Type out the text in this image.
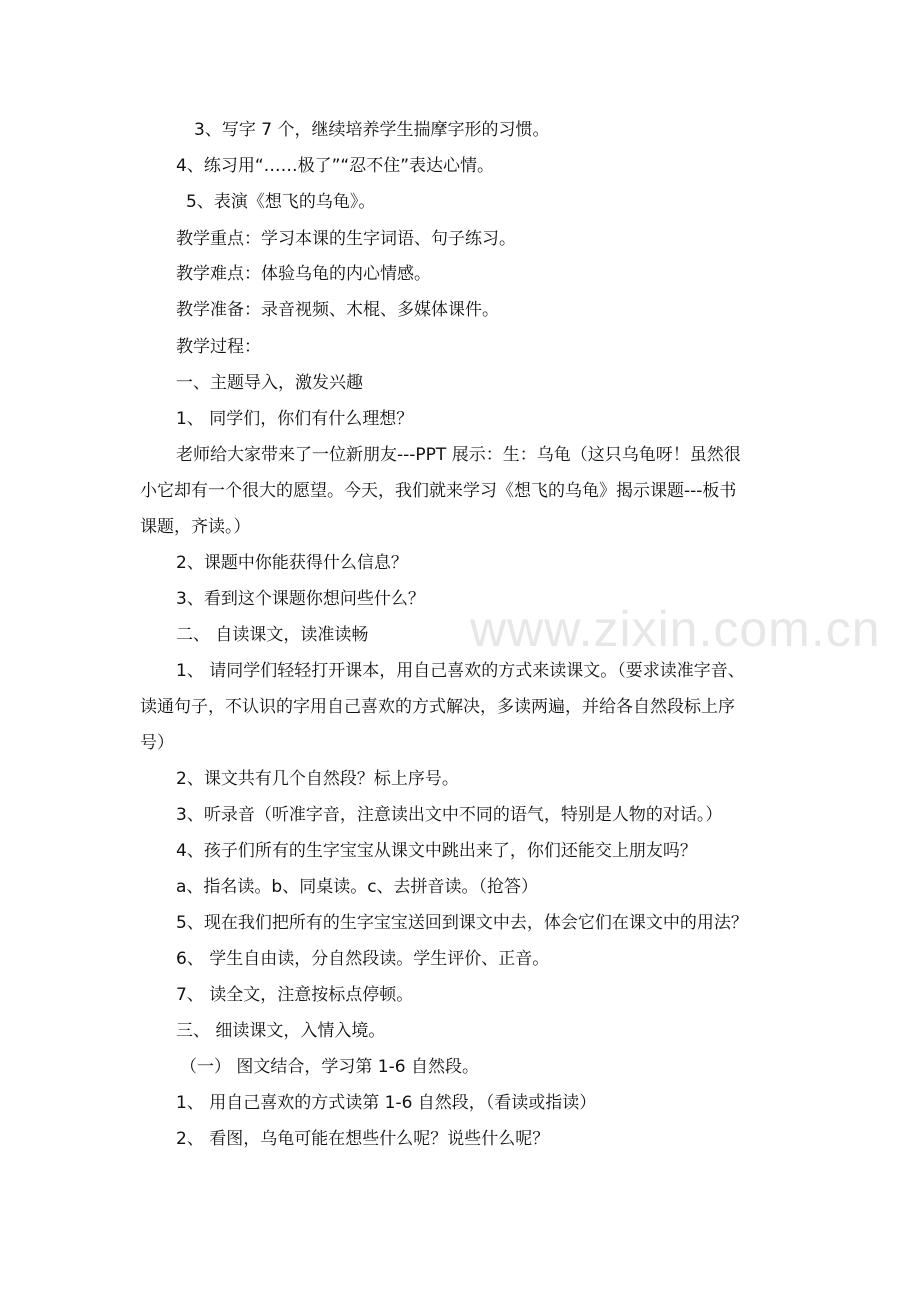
3、写字 7 个，继续培养学生揣摩字形的习惯。
4、练习用“……极了”“忍不住”表达心情。
5、表演《想飞的乌龟》。
教学重点：学习本课的生字词语、句子练习。
教学难点：体验乌龟的内心情感。
教学准备：录音视频、木棍、多媒体课件。
教学过程：
一、主题导入，激发兴趣
1、 同学们，你们有什么理想？
老师给大家带来了一位新朋友---PPT 展示：生：乌龟（这只乌龟呀！虽然很
小它却有一个很大的愿望。今天，我们就来学习《想飞的乌龟》揭示课题---板书
课题，齐读。）
2、课题中你能获得什么信息？
3、看到这个课题你想问些什么？
二、 自读课文，读准读畅
1、 请同学们轻轻打开课本，用自己喜欢的方式来读课文。（要求读准字音、
读通句子，不认识的字用自己喜欢的方式解决，多读两遍，并给各自然段标上序
号）
2、课文共有几个自然段？标上序号。
3、听录音（听准字音，注意读出文中不同的语气，特别是人物的对话。）
4、孩子们所有的生字宝宝从课文中跳出来了，你们还能交上朋友吗？
a、指名读。b、同桌读。c、去拼音读。（抢答）
5、现在我们把所有的生字宝宝送回到课文中去，体会它们在课文中的用法？
6、 学生自由读，分自然段读。学生评价、正音。
7、 读全文，注意按标点停顿。
三、 细读课文，入情入境。
（一） 图文结合，学习第 1-6 自然段。
1、 用自己喜欢的方式读第 1-6 自然段，（看读或指读）
2、 看图，乌龟可能在想些什么呢？说些什么呢？
www.zixin.com.cn
